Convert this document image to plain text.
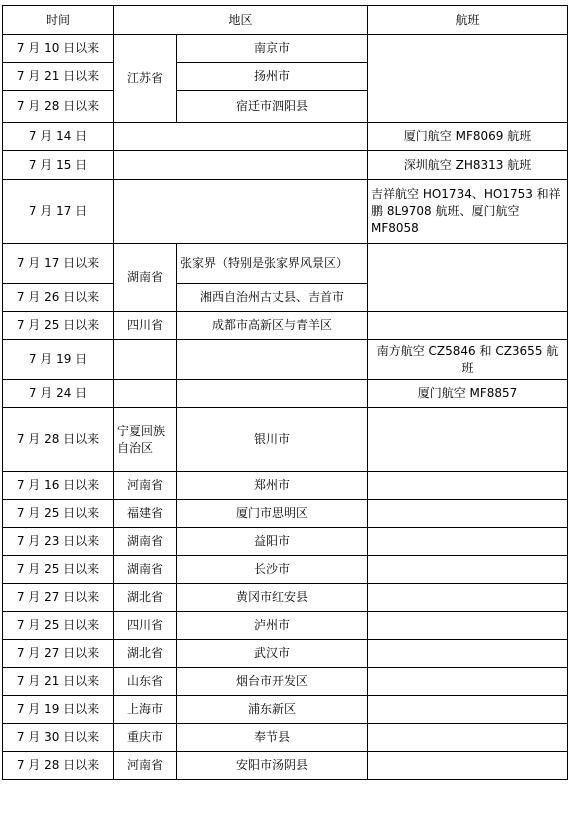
时间	地区		航班
7 月 10 日以来	江苏省	南京市	
7 月 21 日以来		扬州市	
7 月 28 日以来		宿迁市泗阳县	
7 月 14 日			厦门航空 MF8069 航班
7 月 15 日			深圳航空 ZH8313 航班
7 月 17 日			吉祥航空 HO1734、HO1753 和祥鹏 8L9708 航班、厦门航空 MF8058
7 月 17 日以来	湖南省	张家界（特别是张家界风景区）	
7 月 26 日以来		湘西自治州古丈县、吉首市	
7 月 25 日以来	四川省	成都市高新区与青羊区	
7 月 19 日			南方航空 CZ5846 和 CZ3655 航班
7 月 24 日			厦门航空 MF8857
7 月 28 日以来	宁夏回族自治区	银川市	
7 月 16 日以来	河南省	郑州市	
7 月 25 日以来	福建省	厦门市思明区	
7 月 23 日以来	湖南省	益阳市	
7 月 25 日以来	湖南省	长沙市	
7 月 27 日以来	湖北省	黄冈市红安县	
7 月 25 日以来	四川省	泸州市	
7 月 27 日以来	湖北省	武汉市	
7 月 21 日以来	山东省	烟台市开发区	
7 月 19 日以来	上海市	浦东新区	
7 月 30 日以来	重庆市	奉节县	
7 月 28 日以来	河南省	安阳市汤阴县	
